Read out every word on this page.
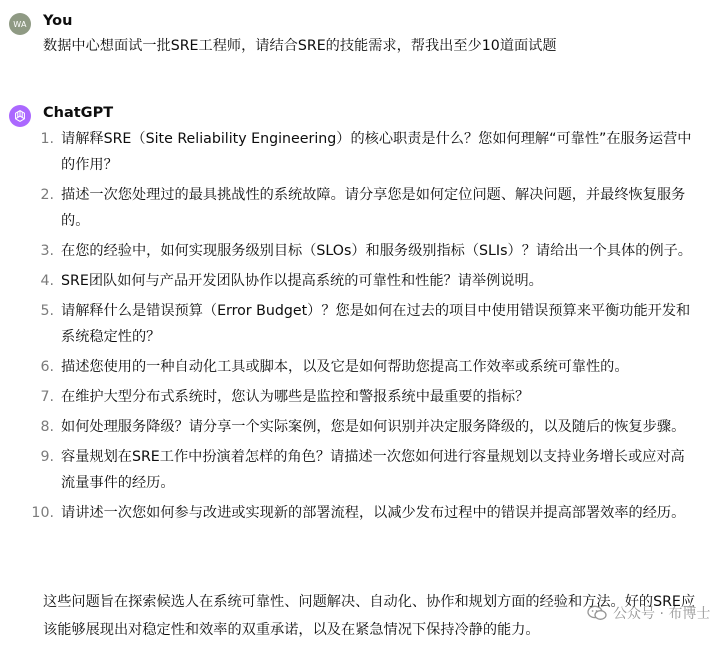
WA You
数据中心想面试一批SRE工程师，请结合SRE的技能需求，帮我出至少10道面试题
ChatGPT
1. 请解释SRE（Site Reliability Engineering）的核心职责是什么？您如何理解“可靠性”在服务运营中的作用？
2. 描述一次您处理过的最具挑战性的系统故障。请分享您是如何定位问题、解决问题，并最终恢复服务的。
3. 在您的经验中，如何实现服务级别目标（SLOs）和服务级别指标（SLIs）？请给出一个具体的例子。
4. SRE团队如何与产品开发团队协作以提高系统的可靠性和性能？请举例说明。
5. 请解释什么是错误预算（Error Budget）？您是如何在过去的项目中使用错误预算来平衡功能开发和系统稳定性的？
6. 描述您使用的一种自动化工具或脚本，以及它是如何帮助您提高工作效率或系统可靠性的。
7. 在维护大型分布式系统时，您认为哪些是监控和警报系统中最重要的指标？
8. 如何处理服务降级？请分享一个实际案例，您是如何识别并决定服务降级的，以及随后的恢复步骤。
9. 容量规划在SRE工作中扮演着怎样的角色？请描述一次您如何进行容量规划以支持业务增长或应对高流量事件的经历。
10. 请讲述一次您如何参与改进或实现新的部署流程，以减少发布过程中的错误并提高部署效率的经历。
这些问题旨在探索候选人在系统可靠性、问题解决、自动化、协作和规划方面的经验和方法。好的SRE应该能够展现出对稳定性和效率的双重承诺，以及在紧急情况下保持冷静的能力。
公众号 · 布博士
